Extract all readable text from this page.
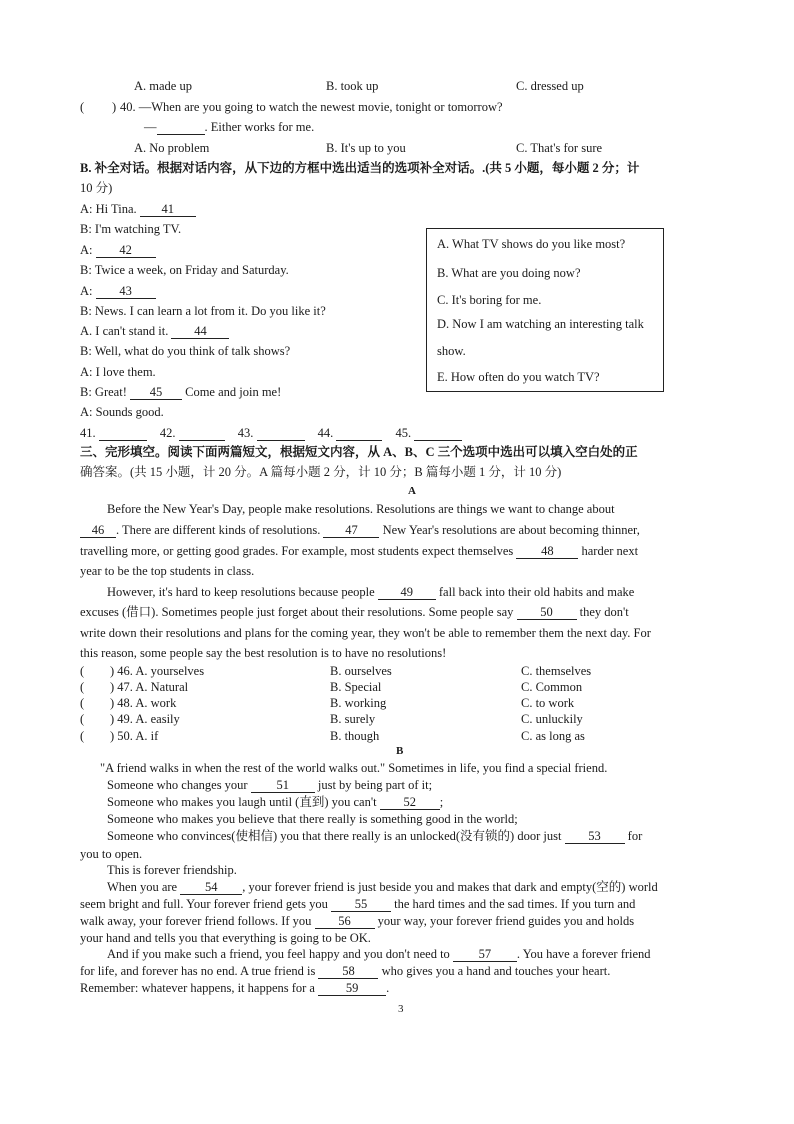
A. made up	B. took up	C. dressed up
( ) 40. —When are you going to watch the newest movie, tonight or tomorrow?
—	. Either works for me.
A. No problem	B. It's up to you	C. That's for sure
B. 补全对话。根据对话内容，从下边的方框中选出适当的选项补全对话。.(共 5 小题，每小题 2 分；计
10 分)
A: Hi Tina. 41
B: I'm watching TV.
A: 42
B: Twice a week, on Friday and Saturday.
A: 43
B: News. I can learn a lot from it. Do you like it?
A. I can't stand it. 44
B: Well, what do you think of talk shows?
A: I love them.
B: Great! 45 Come and join me!
A: Sounds good.
A. What TV shows do you like most?
B. What are you doing now?
C. It's boring for me.
D. Now I am watching an interesting talk
show.
E. How often do you watch TV?
41.	42.	43.	44.	45.
三、完形填空。阅读下面两篇短文，根据短文内容，从 A、B、C 三个选项中选出可以填入空白处的正
确答案。(共 15 小题，计 20 分。A 篇每小题 2 分，计 10 分；B 篇每小题 1 分，计 10 分)
A
Before the New Year's Day, people make resolutions. Resolutions are things we want to change about
46 . There are different kinds of resolutions. 47 New Year's resolutions are about becoming thinner,
travelling more, or getting good grades. For example, most students expect themselves 48 harder next
year to be the top students in class.
However, it's hard to keep resolutions because people 49 fall back into their old habits and make
excuses (借口). Sometimes people just forget about their resolutions. Some people say 50 they don't
write down their resolutions and plans for the coming year, they won't be able to remember them the next day. For
this reason, some people say the best resolution is to have no resolutions!
( ) 46. A. yourselves	B. ourselves	C. themselves
( ) 47. A. Natural	B. Special	C. Common
( ) 48. A. work	B. working	C. to work
( ) 49. A. easily	B. surely	C. unluckily
( ) 50. A. if	B. though	C. as long as
B
"A friend walks in when the rest of the world walks out." Sometimes in life, you find a special friend.
Someone who changes your 51 just by being part of it;
Someone who makes you laugh until (直到) you can't 52 ;
Someone who makes you believe that there really is something good in the world;
Someone who convinces(使相信) you that there really is an unlocked(没有锁的) door just 53 for
you to open.
This is forever friendship.
When you are 54 , your forever friend is just beside you and makes that dark and empty(空的) world
seem bright and full. Your forever friend gets you 55 the hard times and the sad times. If you turn and
walk away, your forever friend follows. If you 56 your way, your forever friend guides you and holds
your hand and tells you that everything is going to be OK.
And if you make such a friend, you feel happy and you don't need to 57 . You have a forever friend
for life, and forever has no end. A true friend is 58 who gives you a hand and touches your heart.
Remember: whatever happens, it happens for a 59 .
3
